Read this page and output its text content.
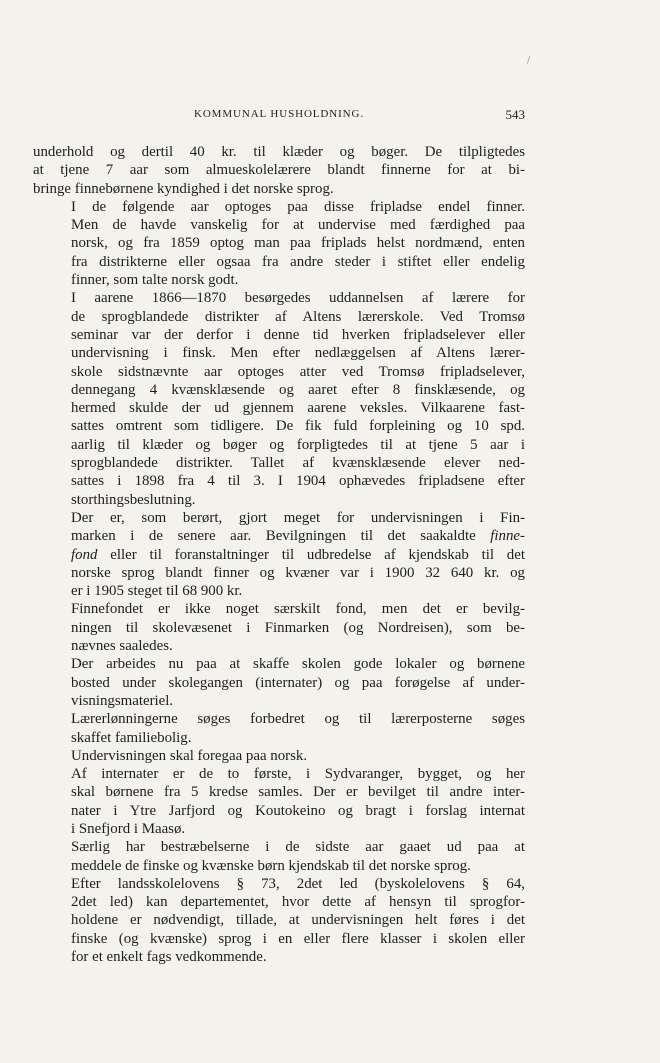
/
KOMMUNAL HUSHOLDNING.	543

underhold og dertil 40 kr. til klæder og bøger. De tilpligtedes
at tjene 7 aar som almueskolelærere blandt finnerne for at bi-
bringe finnebørnene kyndighed i det norske sprog.

I de følgende aar optoges paa disse fripladse endel finner.
Men de havde vanskelig for at undervise med færdighed paa
norsk, og fra 1859 optog man paa friplads helst nordmænd, enten
fra distrikterne eller ogsaa fra andre steder i stiftet eller endelig
finner, som talte norsk godt.

I aarene 1866—1870 besørgedes uddannelsen af lærere for
de sprogblandede distrikter af Altens lærerskole. Ved Tromsø
seminar var der derfor i denne tid hverken fripladselever eller
undervisning i finsk. Men efter nedlæggelsen af Altens lærer-
skole sidstnævnte aar optoges atter ved Tromsø fripladselever,
dennegang 4 kvænsklæsende og aaret efter 8 finsklæsende, og
hermed skulde der ud gjennem aarene veksles. Vilkaarene fast-
sattes omtrent som tidligere. De fik fuld forpleining og 10 spd.
aarlig til klæder og bøger og forpligtedes til at tjene 5 aar i
sprogblandede distrikter. Tallet af kvænsklæsende elever ned-
sattes i 1898 fra 4 til 3. I 1904 ophævedes fripladsene efter
storthingsbeslutning.

Der er, som berørt, gjort meget for undervisningen i Fin-
marken i de senere aar. Bevilgningen til det saakaldte finne-
fond eller til foranstaltninger til udbredelse af kjendskab til det
norske sprog blandt finner og kvæner var i 1900 32 640 kr. og
er i 1905 steget til 68 900 kr.

Finnefondet er ikke noget særskilt fond, men det er bevilg-
ningen til skolevæsenet i Finmarken (og Nordreisen), som be-
nævnes saaledes.

Der arbeides nu paa at skaffe skolen gode lokaler og børnene
bosted under skolegangen (internater) og paa forøgelse af under-
visningsmateriel.

Lærerlønningerne søges forbedret og til lærerposterne søges
skaffet familiebolig.

Undervisningen skal foregaa paa norsk.

Af internater er de to første, i Sydvaranger, bygget, og her
skal børnene fra 5 kredse samles. Der er bevilget til andre inter-
nater i Ytre Jarfjord og Koutokeino og bragt i forslag internat
i Snefjord i Maasø.

Særlig har bestræbelserne i de sidste aar gaaet ud paa at
meddele de finske og kvænske børn kjendskab til det norske sprog.

Efter landsskolelovens § 73, 2det led (byskolelovens § 64,
2det led) kan departementet, hvor dette af hensyn til sprogfor-
holdene er nødvendigt, tillade, at undervisningen helt føres i det
finske (og kvænske) sprog i en eller flere klasser i skolen eller
for et enkelt fags vedkommende.
